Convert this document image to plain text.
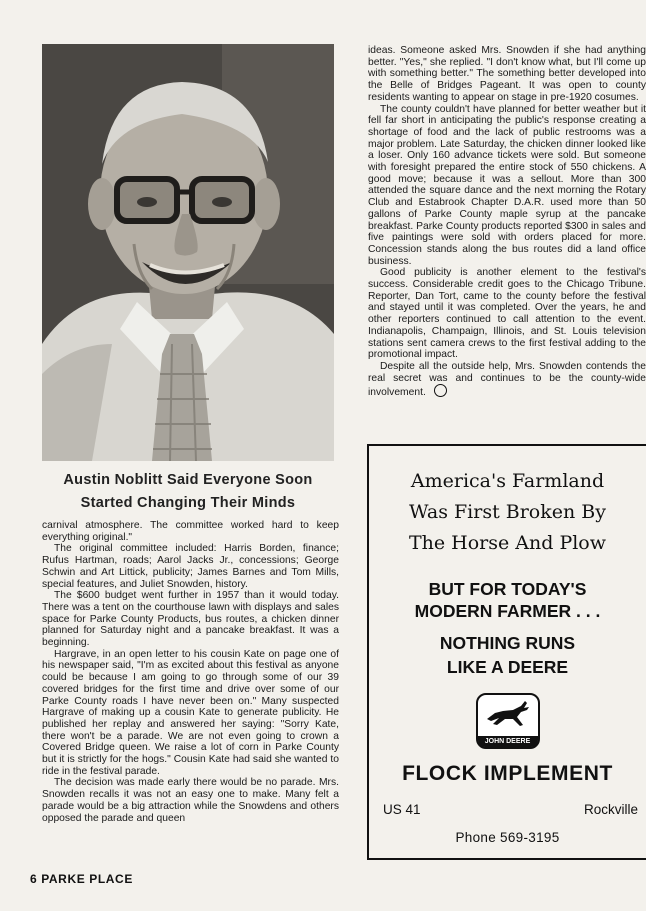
Austin Noblitt Said Everyone Soon
Started Changing Their Minds

carnival atmosphere. The committee worked hard to keep everything original."

The original committee included: Harris Borden, finance; Rufus Hartman, roads; Aarol Jacks Jr., concessions; George Schwin and Art Littick, publicity; James Barnes and Tom Mills, special features, and Juliet Snowden, history.

The $600 budget went further in 1957 than it would today. There was a tent on the courthouse lawn with displays and sales space for Parke County Products, bus routes, a chicken dinner planned for Saturday night and a pancake breakfast. It was a beginning.

Hargrave, in an open letter to his cousin Kate on page one of his newspaper said, "I'm as excited about this festival as anyone could be because I am going to go through some of our 39 covered bridges for the first time and drive over some of our Parke County roads I have never been on." Many suspected Hargrave of making up a cousin Kate to generate publicity. He published her replay and answered her saying: "Sorry Kate, there won't be a parade. We are not even going to crown a Covered Bridge queen. We raise a lot of corn in Parke County but it is strictly for the hogs." Cousin Kate had said she wanted to ride in the festival parade.

The decision was made early there would be no parade. Mrs. Snowden recalls it was not an easy one to make. Many felt a parade would be a big attraction while the Snowdens and others opposed the parade and queen

ideas. Someone asked Mrs. Snowden if she had anything better. "Yes," she replied. "I don't know what, but I'll come up with something better." The something better developed into the Belle of Bridges Pageant. It was open to county residents wanting to appear on stage in pre-1920 cosumes.

The county couldn't have planned for better weather but it fell far short in anticipating the public's response creating a shortage of food and the lack of public restrooms was a major problem. Late Saturday, the chicken dinner looked like a loser. Only 160 advance tickets were sold. But someone with foresight prepared the entire stock of 550 chickens. A good move; because it was a sellout. More than 300 attended the square dance and the next morning the Rotary Club and Estabrook Chapter D.A.R. used more than 50 gallons of Parke County maple syrup at the pancake breakfast. Parke County products reported $300 in sales and five paintings were sold with orders placed for more. Concession stands along the bus routes did a land office business.

Good publicity is another element to the festival's success. Considerable credit goes to the Chicago Tribune. Reporter, Dan Tort, came to the county before the festival and stayed until it was completed. Over the years, he and other reporters continued to call attention to the event. Indianapolis, Champaign, Illinois, and St. Louis television stations sent camera crews to the first festival adding to the promotional impact.

Despite all the outside help, Mrs. Snowden contends the real secret was and continues to be the county-wide involvement.

America's Farmland
Was First Broken By
The Horse And Plow
BUT FOR TODAY'S
MODERN FARMER . . .
NOTHING RUNS
LIKE A DEERE
JOHN DEERE
FLOCK IMPLEMENT
US 41	Rockville
Phone 569-3195
6 PARKE PLACE
